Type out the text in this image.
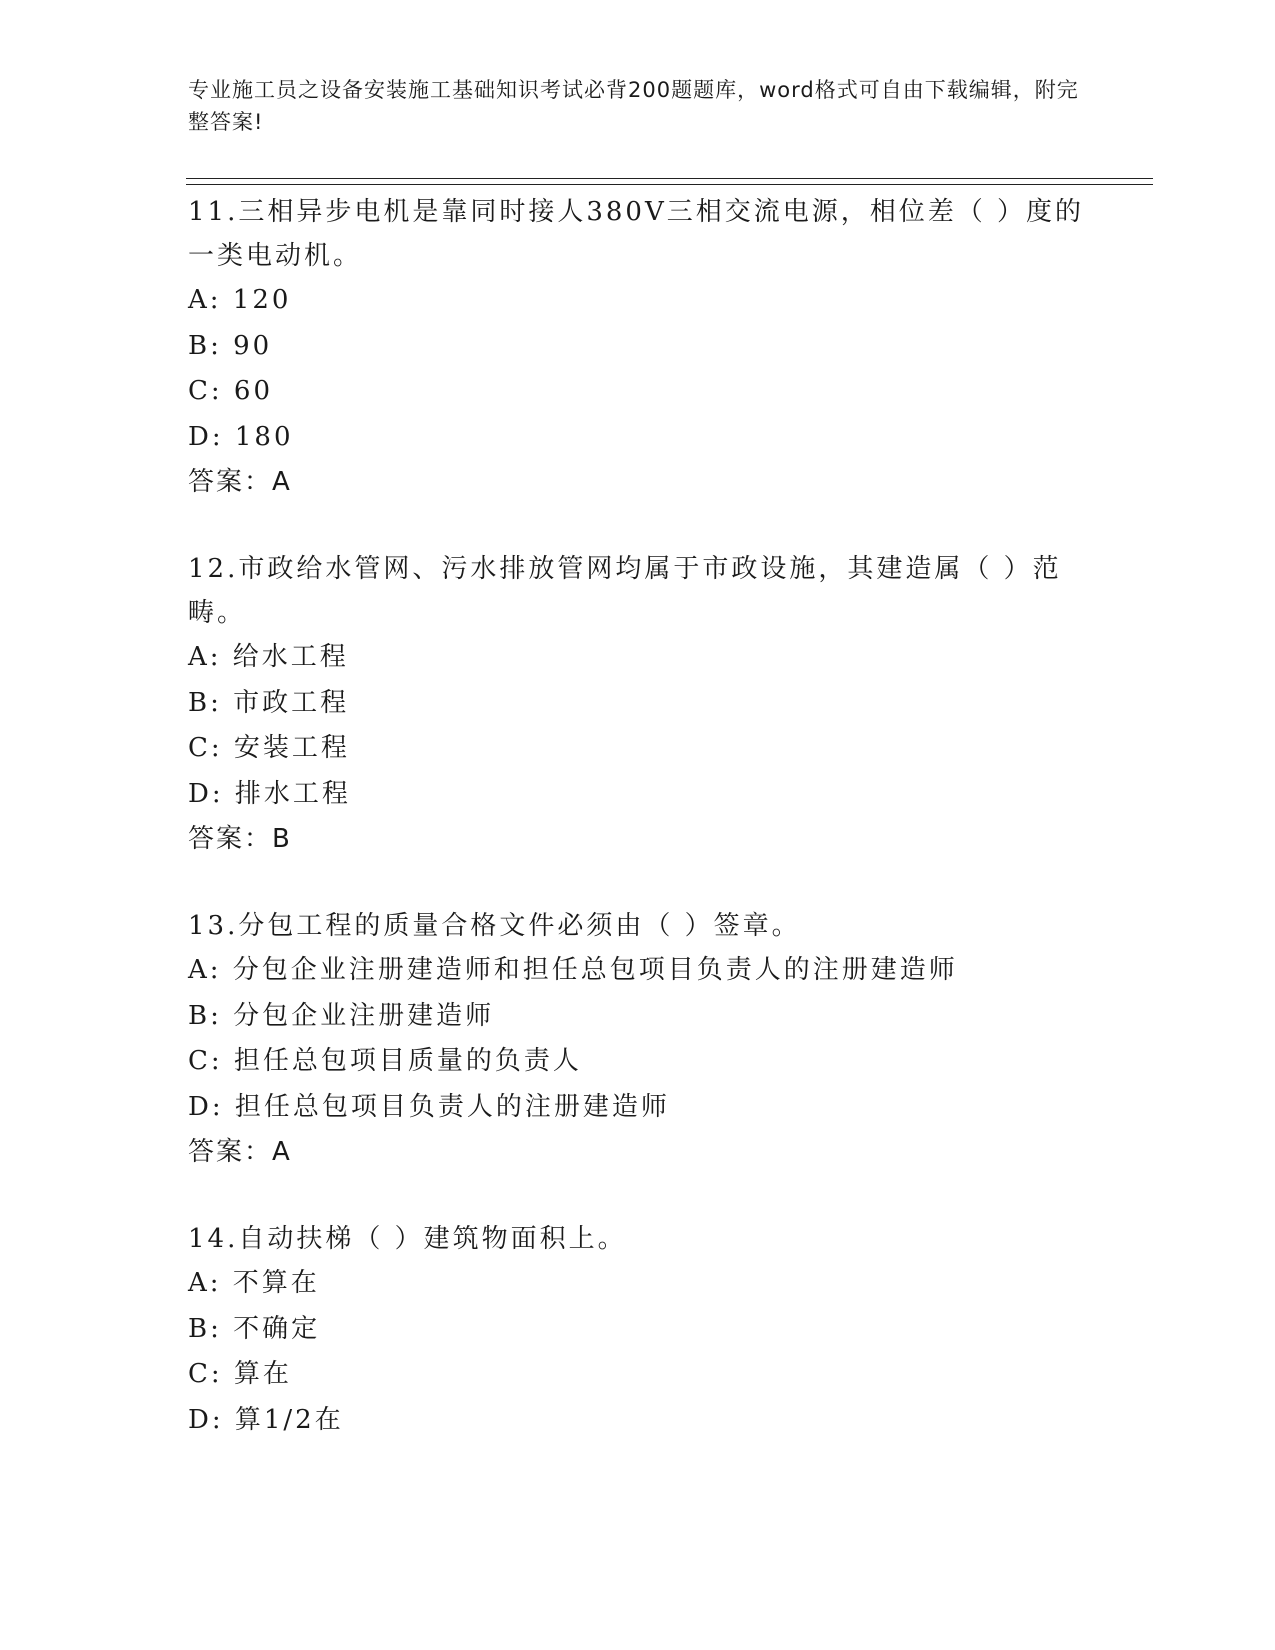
专业施工员之设备安装施工基础知识考试必背200题题库，word格式可自由下载编辑，附完整答案!
11.三相异步电机是靠同时接人380V三相交流电源，相位差（ ）度的一类电动机。
A: 120
B: 90
C: 60
D: 180
答案：A
12.市政给水管网、污水排放管网均属于市政设施，其建造属（ ）范畴。
A: 给水工程
B: 市政工程
C: 安装工程
D: 排水工程
答案：B
13.分包工程的质量合格文件必须由（ ）签章。
A: 分包企业注册建造师和担任总包项目负责人的注册建造师
B: 分包企业注册建造师
C: 担任总包项目质量的负责人
D: 担任总包项目负责人的注册建造师
答案：A
14.自动扶梯（ ）建筑物面积上。
A: 不算在
B: 不确定
C: 算在
D: 算1/2在
